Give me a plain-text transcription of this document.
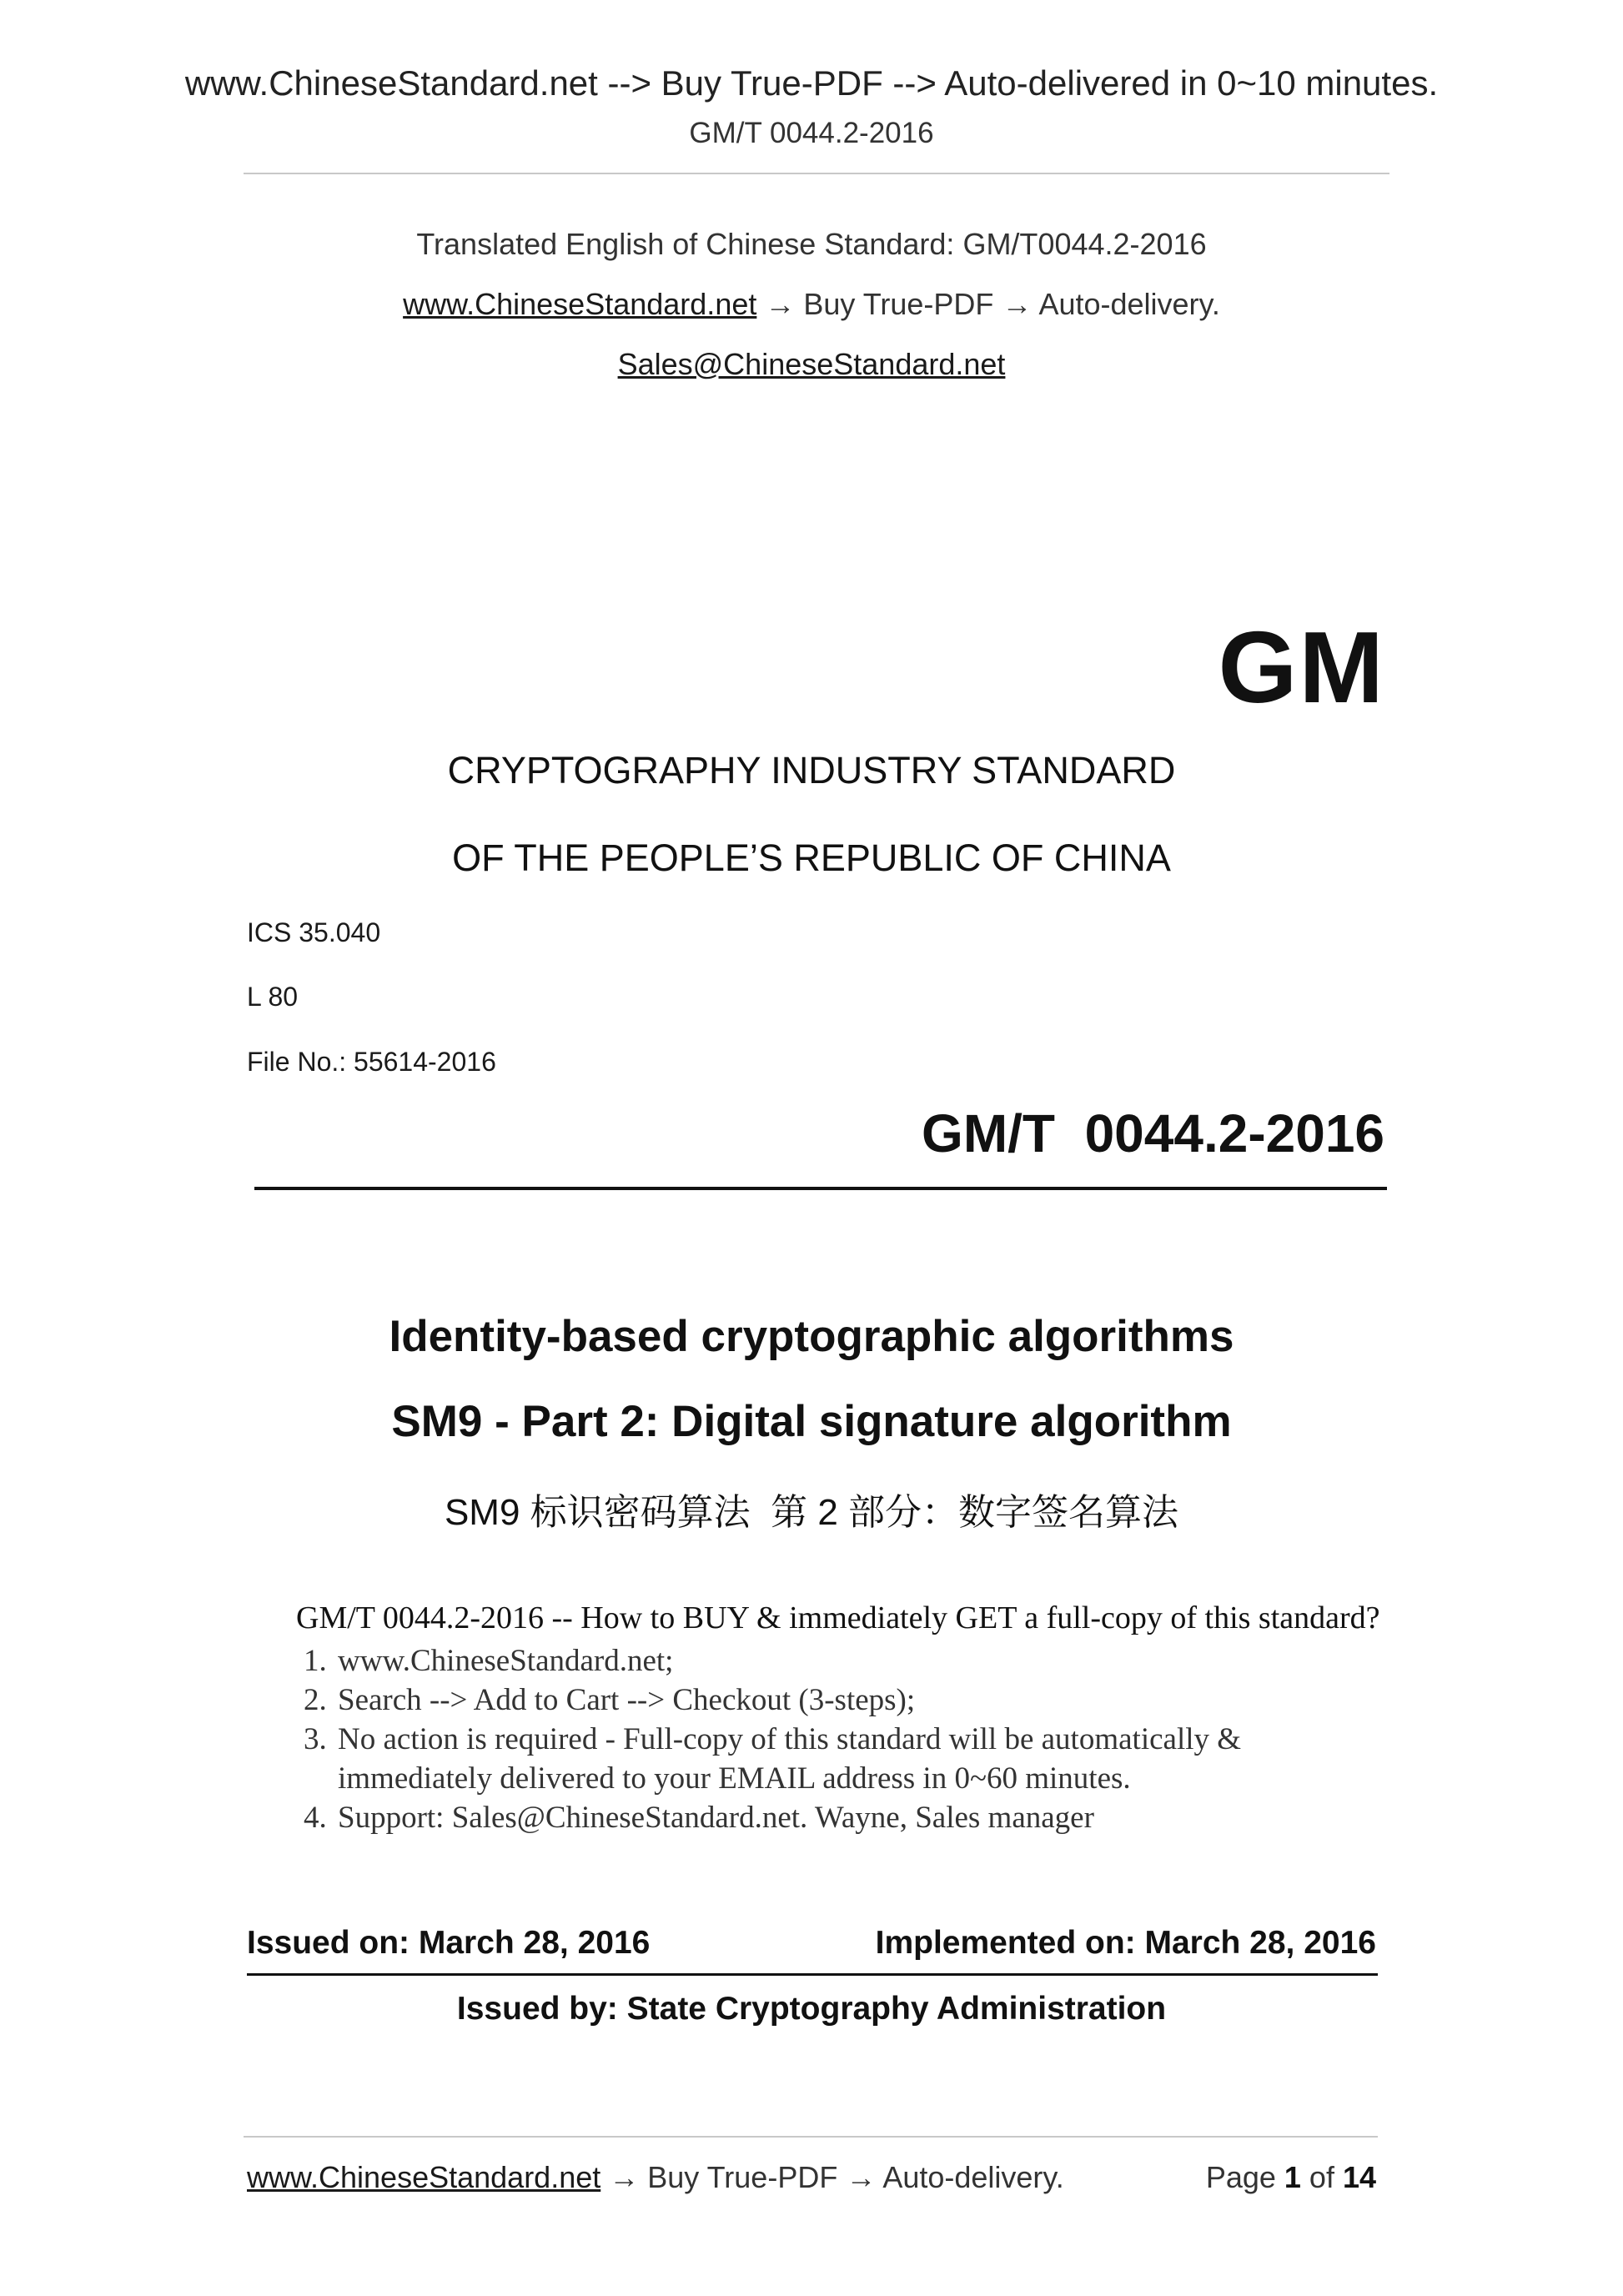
www.ChineseStandard.net --> Buy True-PDF --> Auto-delivered in 0~10 minutes.
GM/T 0044.2-2016
Translated English of Chinese Standard: GM/T0044.2-2016
www.ChineseStandard.net → Buy True-PDF → Auto-delivery.
Sales@ChineseStandard.net
GM
CRYPTOGRAPHY INDUSTRY STANDARD
OF THE PEOPLE’S REPUBLIC OF CHINA
ICS 35.040
L 80
File No.: 55614-2016
GM/T  0044.2-2016
Identity-based cryptographic algorithms
SM9 - Part 2: Digital signature algorithm
SM9 标识密码算法  第 2 部分：数字签名算法
GM/T 0044.2-2016 -- How to BUY & immediately GET a full-copy of this standard?
1. www.ChineseStandard.net;
2. Search --> Add to Cart --> Checkout (3-steps);
3. No action is required - Full-copy of this standard will be automatically & immediately delivered to your EMAIL address in 0~60 minutes.
4. Support: Sales@ChineseStandard.net. Wayne, Sales manager
Issued on: March 28, 2016	Implemented on: March 28, 2016
Issued by: State Cryptography Administration
www.ChineseStandard.net → Buy True-PDF → Auto-delivery.	Page 1 of 14
